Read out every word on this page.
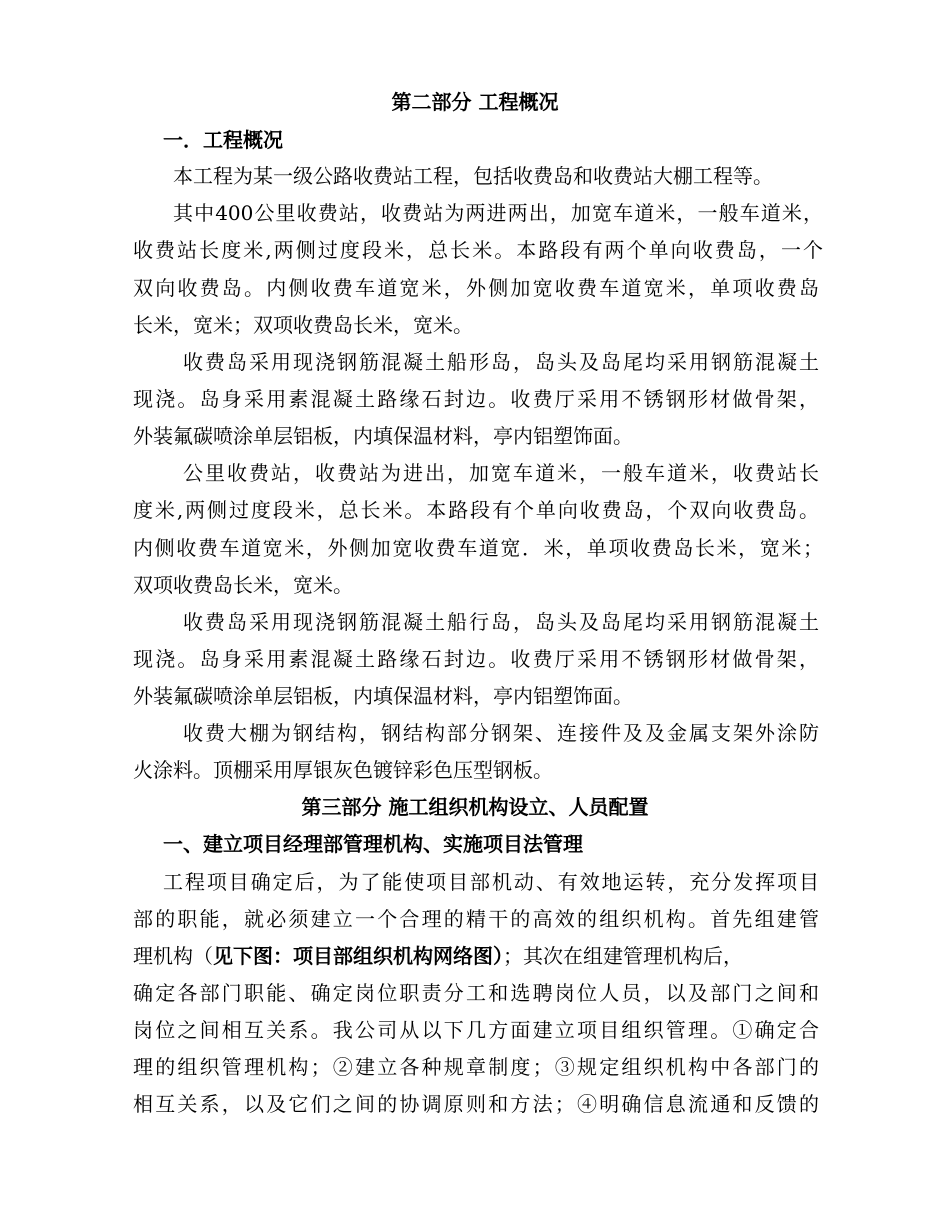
第二部分 工程概况
一．工程概况
本工程为某一级公路收费站工程，包括收费岛和收费站大棚工程等。
其中400公里收费站，收费站为两进两出，加宽车道米，一般车道米，
收费站长度米,两侧过度段米，总长米。本路段有两个单向收费岛，一个
双向收费岛。内侧收费车道宽米，外侧加宽收费车道宽米，单项收费岛
长米，宽米；双项收费岛长米，宽米。
收费岛采用现浇钢筋混凝土船形岛，岛头及岛尾均采用钢筋混凝土
现浇。岛身采用素混凝土路缘石封边。收费厅采用不锈钢形材做骨架，
外装氟碳喷涂单层铝板，内填保温材料，亭内铝塑饰面。
公里收费站，收费站为进出，加宽车道米，一般车道米，收费站长
度米,两侧过度段米，总长米。本路段有个单向收费岛，个双向收费岛。
内侧收费车道宽米，外侧加宽收费车道宽．米，单项收费岛长米，宽米；
双项收费岛长米，宽米。
收费岛采用现浇钢筋混凝土船行岛，岛头及岛尾均采用钢筋混凝土
现浇。岛身采用素混凝土路缘石封边。收费厅采用不锈钢形材做骨架，
外装氟碳喷涂单层铝板，内填保温材料，亭内铝塑饰面。
收费大棚为钢结构，钢结构部分钢架、连接件及及金属支架外涂防
火涂料。顶棚采用厚银灰色镀锌彩色压型钢板。
第三部分 施工组织机构设立、人员配置
一、建立项目经理部管理机构、实施项目法管理
工程项目确定后，为了能使项目部机动、有效地运转，充分发挥项目
部的职能，就必须建立一个合理的精干的高效的组织机构。首先组建管
理机构（见下图：项目部组织机构网络图）；其次在组建管理机构后，
确定各部门职能、确定岗位职责分工和选聘岗位人员，以及部门之间和
岗位之间相互关系。我公司从以下几方面建立项目组织管理。①确定合
理的组织管理机构；②建立各种规章制度；③规定组织机构中各部门的
相互关系，以及它们之间的协调原则和方法；④明确信息流通和反馈的
